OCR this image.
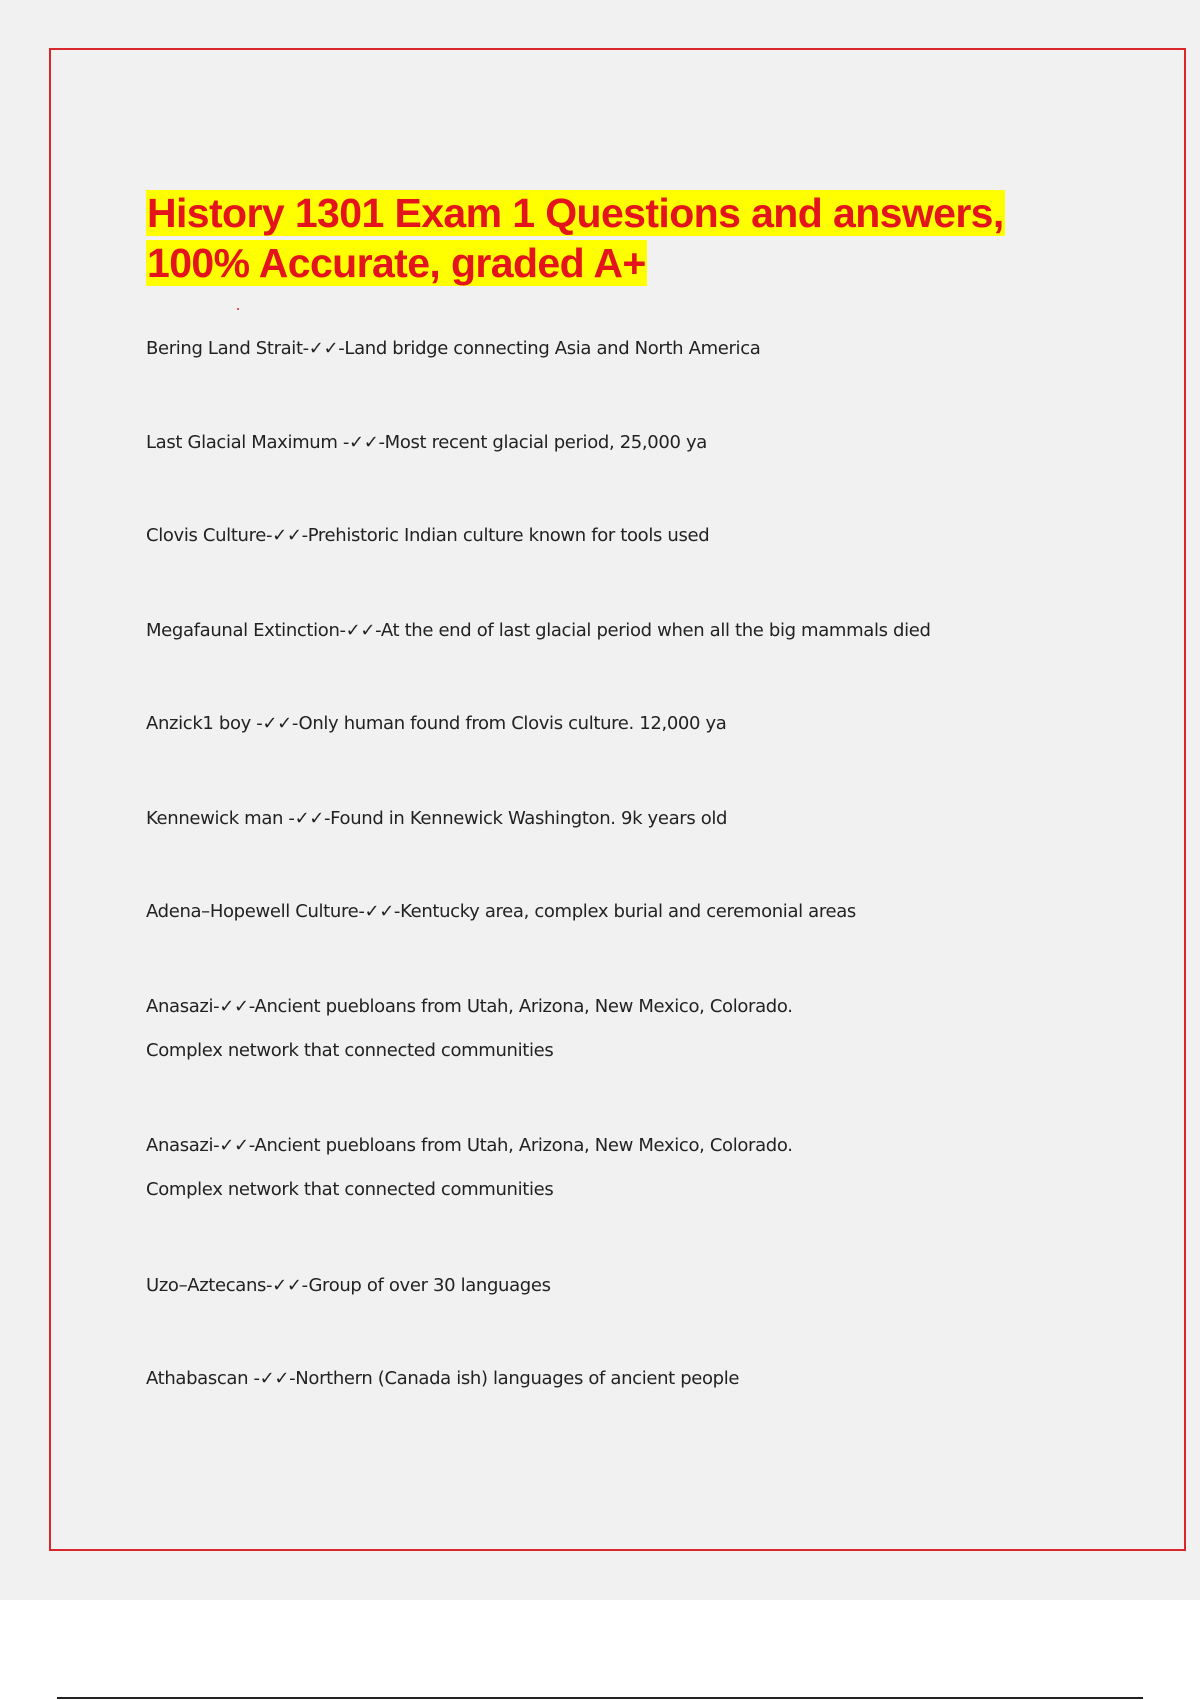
History 1301 Exam 1 Questions and answers,
100% Accurate, graded A+

Bering Land Strait-✓✓-Land bridge connecting Asia and North America

Last Glacial Maximum -✓✓-Most recent glacial period, 25,000 ya

Clovis Culture-✓✓-Prehistoric Indian culture known for tools used

Megafaunal Extinction-✓✓-At the end of last glacial period when all the big mammals died

Anzick1 boy -✓✓-Only human found from Clovis culture. 12,000 ya

Kennewick man -✓✓-Found in Kennewick Washington. 9k years old

Adena–Hopewell Culture-✓✓-Kentucky area, complex burial and ceremonial areas

Anasazi-✓✓-Ancient puebloans from Utah, Arizona, New Mexico, Colorado.
Complex network that connected communities

Anasazi-✓✓-Ancient puebloans from Utah, Arizona, New Mexico, Colorado.
Complex network that connected communities

Uzo–Aztecans-✓✓-Group of over 30 languages

Athabascan -✓✓-Northern (Canada ish) languages of ancient people
